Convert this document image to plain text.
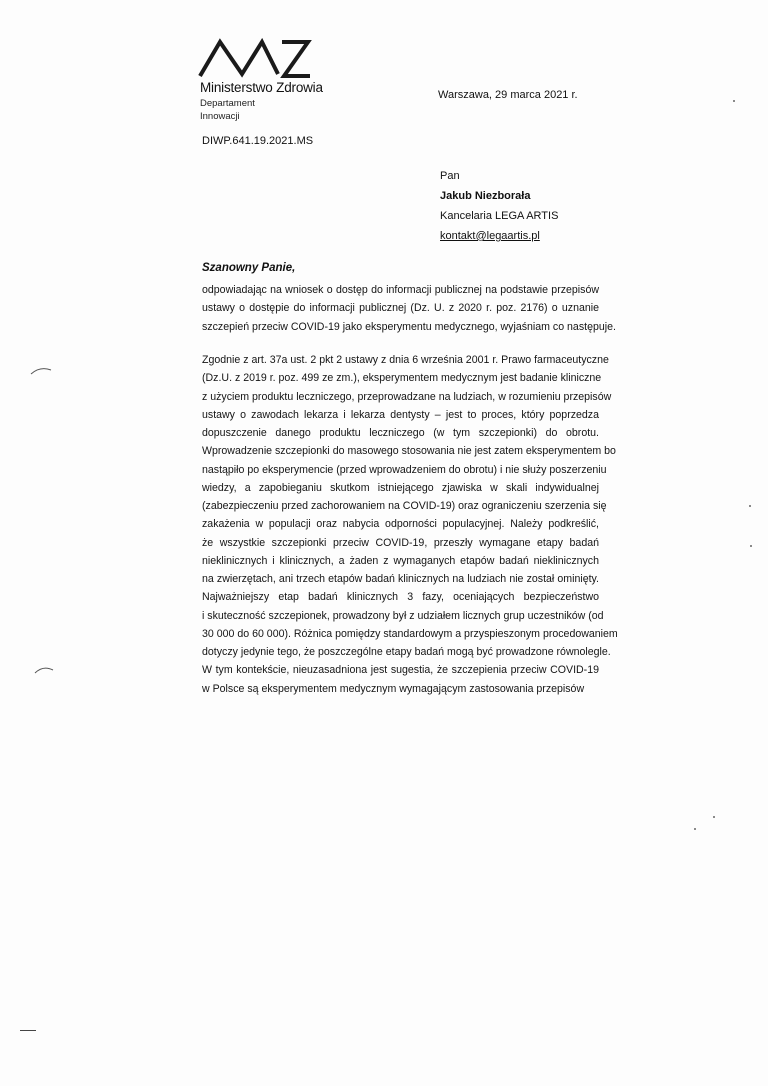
Ministerstwo Zdrowia
Departament
Innowacji
Warszawa, 29 marca 2021 r.
DIWP.641.19.2021.MS
Pan
Jakub Niezborała
Kancelaria LEGA ARTIS
kontakt@legaartis.pl
Szanowny Panie,
odpowiadając na wniosek o dostęp do informacji publicznej na podstawie przepisów
ustawy o dostępie do informacji publicznej (Dz. U. z 2020 r. poz. 2176) o uznanie
szczepień przeciw COVID-19 jako eksperymentu medycznego, wyjaśniam co następuje.
Zgodnie z art. 37a ust. 2 pkt 2 ustawy z dnia 6 września 2001 r. Prawo farmaceutyczne
(Dz.U. z 2019 r. poz. 499 ze zm.), eksperymentem medycznym jest badanie kliniczne
z użyciem produktu leczniczego, przeprowadzane na ludziach, w rozumieniu przepisów
ustawy o zawodach lekarza i lekarza dentysty – jest to proces, który poprzedza
dopuszczenie danego produktu leczniczego (w tym szczepionki) do obrotu.
Wprowadzenie szczepionki do masowego stosowania nie jest zatem eksperymentem bo
nastąpiło po eksperymencie (przed wprowadzeniem do obrotu) i nie służy poszerzeniu
wiedzy, a zapobieganiu skutkom istniejącego zjawiska w skali indywidualnej
(zabezpieczeniu przed zachorowaniem na COVID-19) oraz ograniczeniu szerzenia się
zakażenia w populacji oraz nabycia odporności populacyjnej. Należy podkreślić,
że wszystkie szczepionki przeciw COVID-19, przeszły wymagane etapy badań
nieklinicznych i klinicznych, a żaden z wymaganych etapów badań nieklinicznych
na zwierzętach, ani trzech etapów badań klinicznych na ludziach nie został ominięty.
Najważniejszy etap badań klinicznych 3 fazy, oceniających bezpieczeństwo
i skuteczność szczepionek, prowadzony był z udziałem licznych grup uczestników (od
30 000 do 60 000). Różnica pomiędzy standardowym a przyspieszonym procedowaniem
dotyczy jedynie tego, że poszczególne etapy badań mogą być prowadzone równolegle.
W tym kontekście, nieuzasadniona jest sugestia, że szczepienia przeciw COVID-19
w Polsce są eksperymentem medycznym wymagającym zastosowania przepisów
